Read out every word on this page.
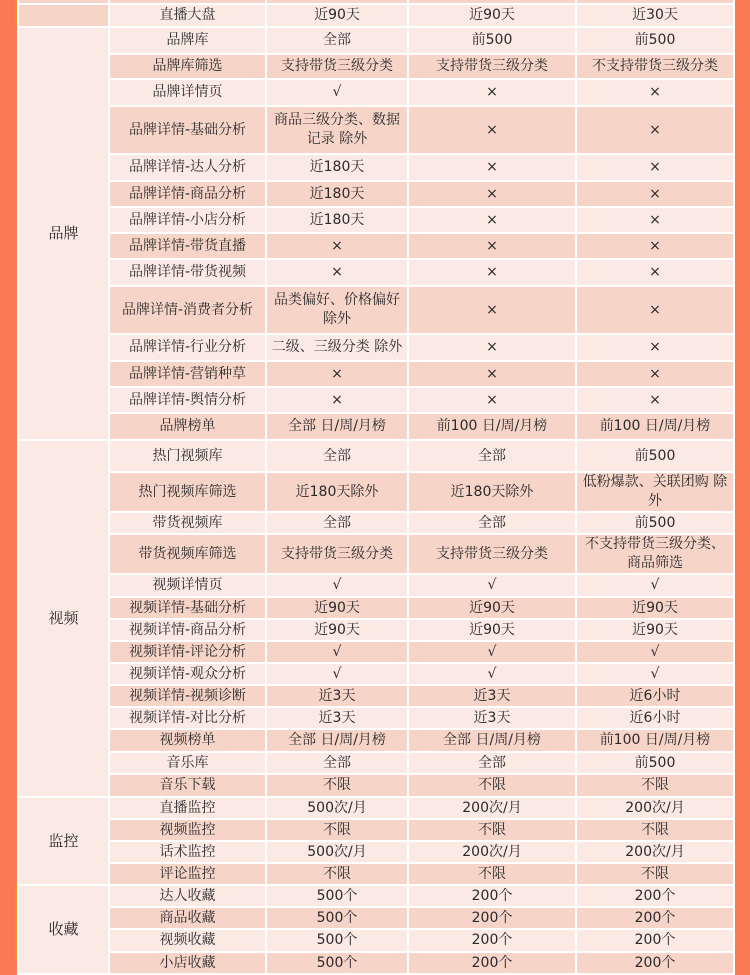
	直播大盘	近90天	近90天	近30天
品牌	品牌库	全部	前500	前500
	品牌库筛选	支持带货三级分类	支持带货三级分类	不支持带货三级分类
	品牌详情页	√	×	×
	品牌详情-基础分析	商品三级分类、数据记录 除外	×	×
	品牌详情-达人分析	近180天	×	×
	品牌详情-商品分析	近180天	×	×
	品牌详情-小店分析	近180天	×	×
	品牌详情-带货直播	×	×	×
	品牌详情-带货视频	×	×	×
	品牌详情-消费者分析	品类偏好、价格偏好 除外	×	×
	品牌详情-行业分析	二级、三级分类 除外	×	×
	品牌详情-营销种草	×	×	×
	品牌详情-舆情分析	×	×	×
	品牌榜单	全部 日/周/月榜	前100 日/周/月榜	前100 日/周/月榜
视频	热门视频库	全部	全部	前500
	热门视频库筛选	近180天除外	近180天除外	低粉爆款、关联团购 除外
	带货视频库	全部	全部	前500
	带货视频库筛选	支持带货三级分类	支持带货三级分类	不支持带货三级分类、商品筛选
	视频详情页	√	√	√
	视频详情-基础分析	近90天	近90天	近90天
	视频详情-商品分析	近90天	近90天	近90天
	视频详情-评论分析	√	√	√
	视频详情-观众分析	√	√	√
	视频详情-视频诊断	近3天	近3天	近6小时
	视频详情-对比分析	近3天	近3天	近6小时
	视频榜单	全部 日/周/月榜	全部 日/周/月榜	前100 日/周/月榜
	音乐库	全部	全部	前500
	音乐下载	不限	不限	不限
监控	直播监控	500次/月	200次/月	200次/月
	视频监控	不限	不限	不限
	话术监控	500次/月	200次/月	200次/月
	评论监控	不限	不限	不限
收藏	达人收藏	500个	200个	200个
	商品收藏	500个	200个	200个
	视频收藏	500个	200个	200个
	小店收藏	500个	200个	200个
